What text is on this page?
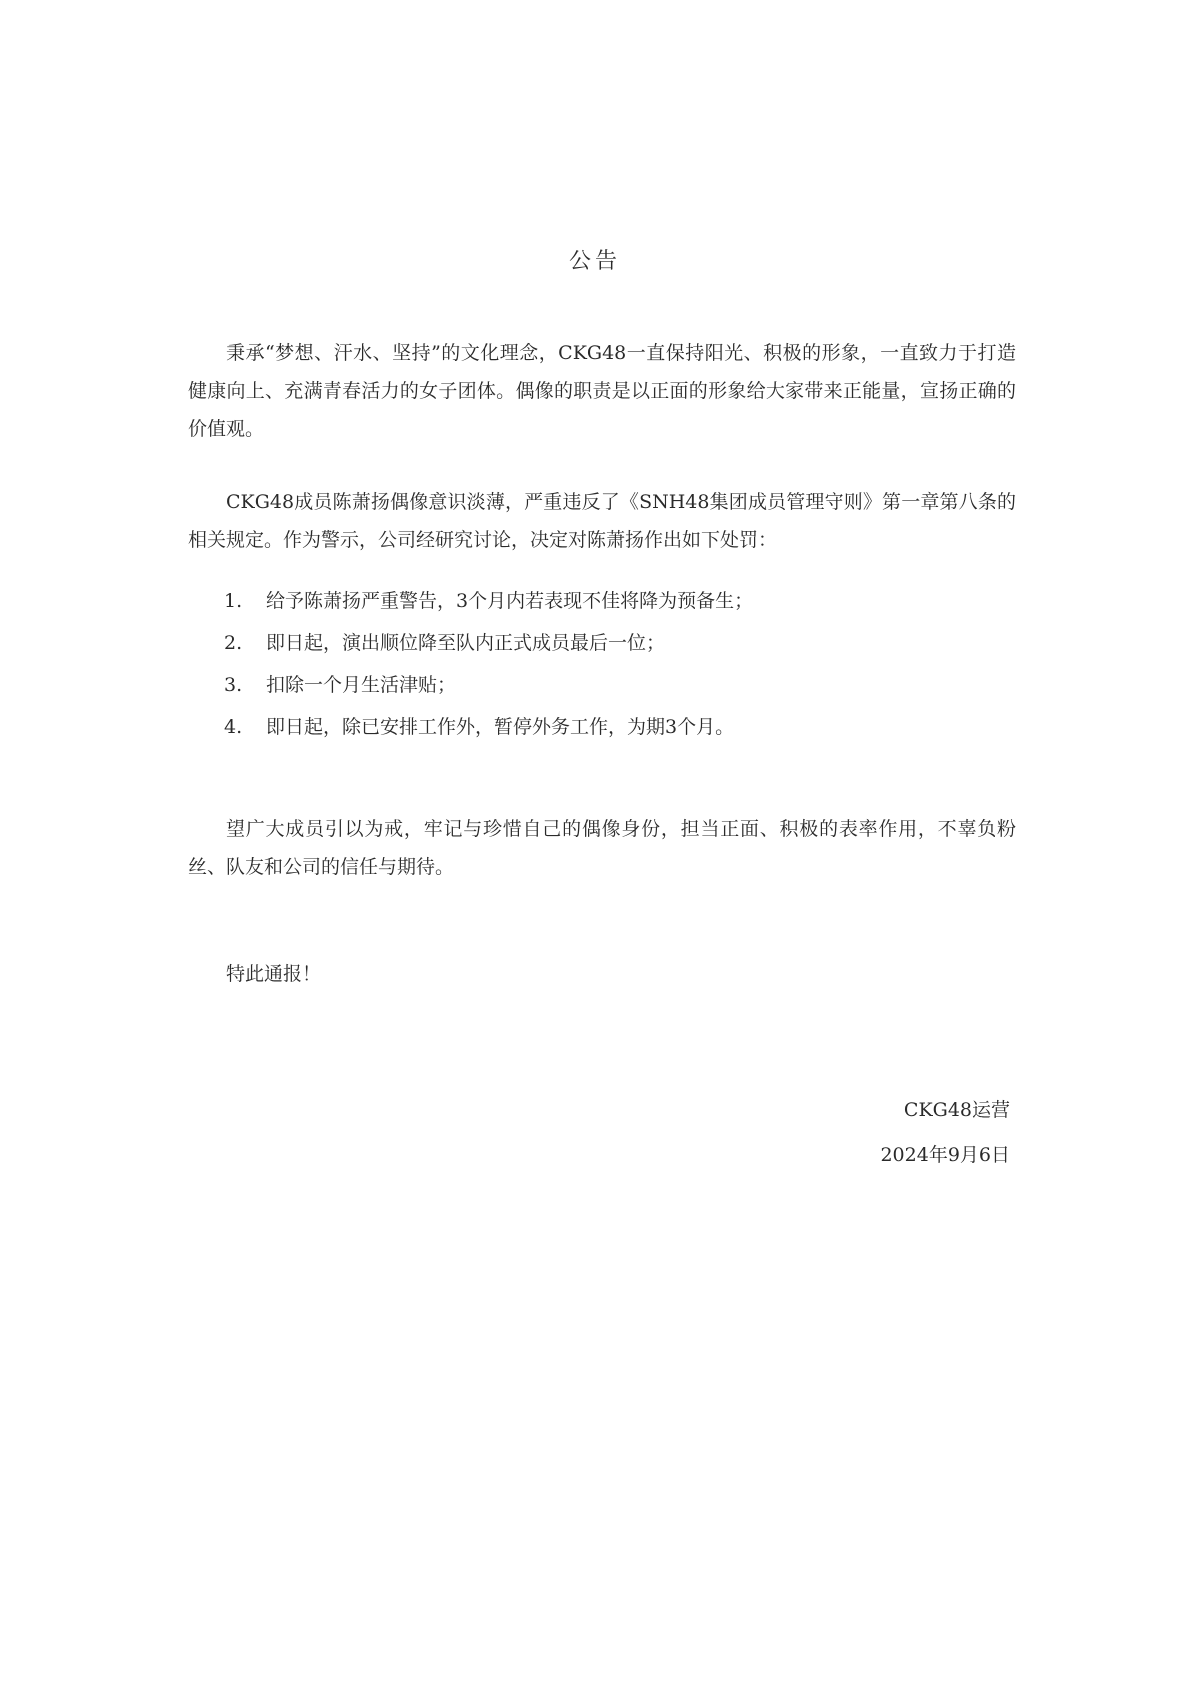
公告

秉承“梦想、汗水、坚持”的文化理念，CKG48一直保持阳光、积极的形象，一直致力于打造健康向上、充满青春活力的女子团体。偶像的职责是以正面的形象给大家带来正能量，宣扬正确的价值观。

CKG48成员陈萧扬偶像意识淡薄，严重违反了《SNH48集团成员管理守则》第一章第八条的相关规定。作为警示，公司经研究讨论，决定对陈萧扬作出如下处罚：

1. 给予陈萧扬严重警告，3个月内若表现不佳将降为预备生；
2. 即日起，演出顺位降至队内正式成员最后一位；
3. 扣除一个月生活津贴；
4. 即日起，除已安排工作外，暂停外务工作，为期3个月。

望广大成员引以为戒，牢记与珍惜自己的偶像身份，担当正面、积极的表率作用，不辜负粉丝、队友和公司的信任与期待。

特此通报！

CKG48运营
2024年9月6日
